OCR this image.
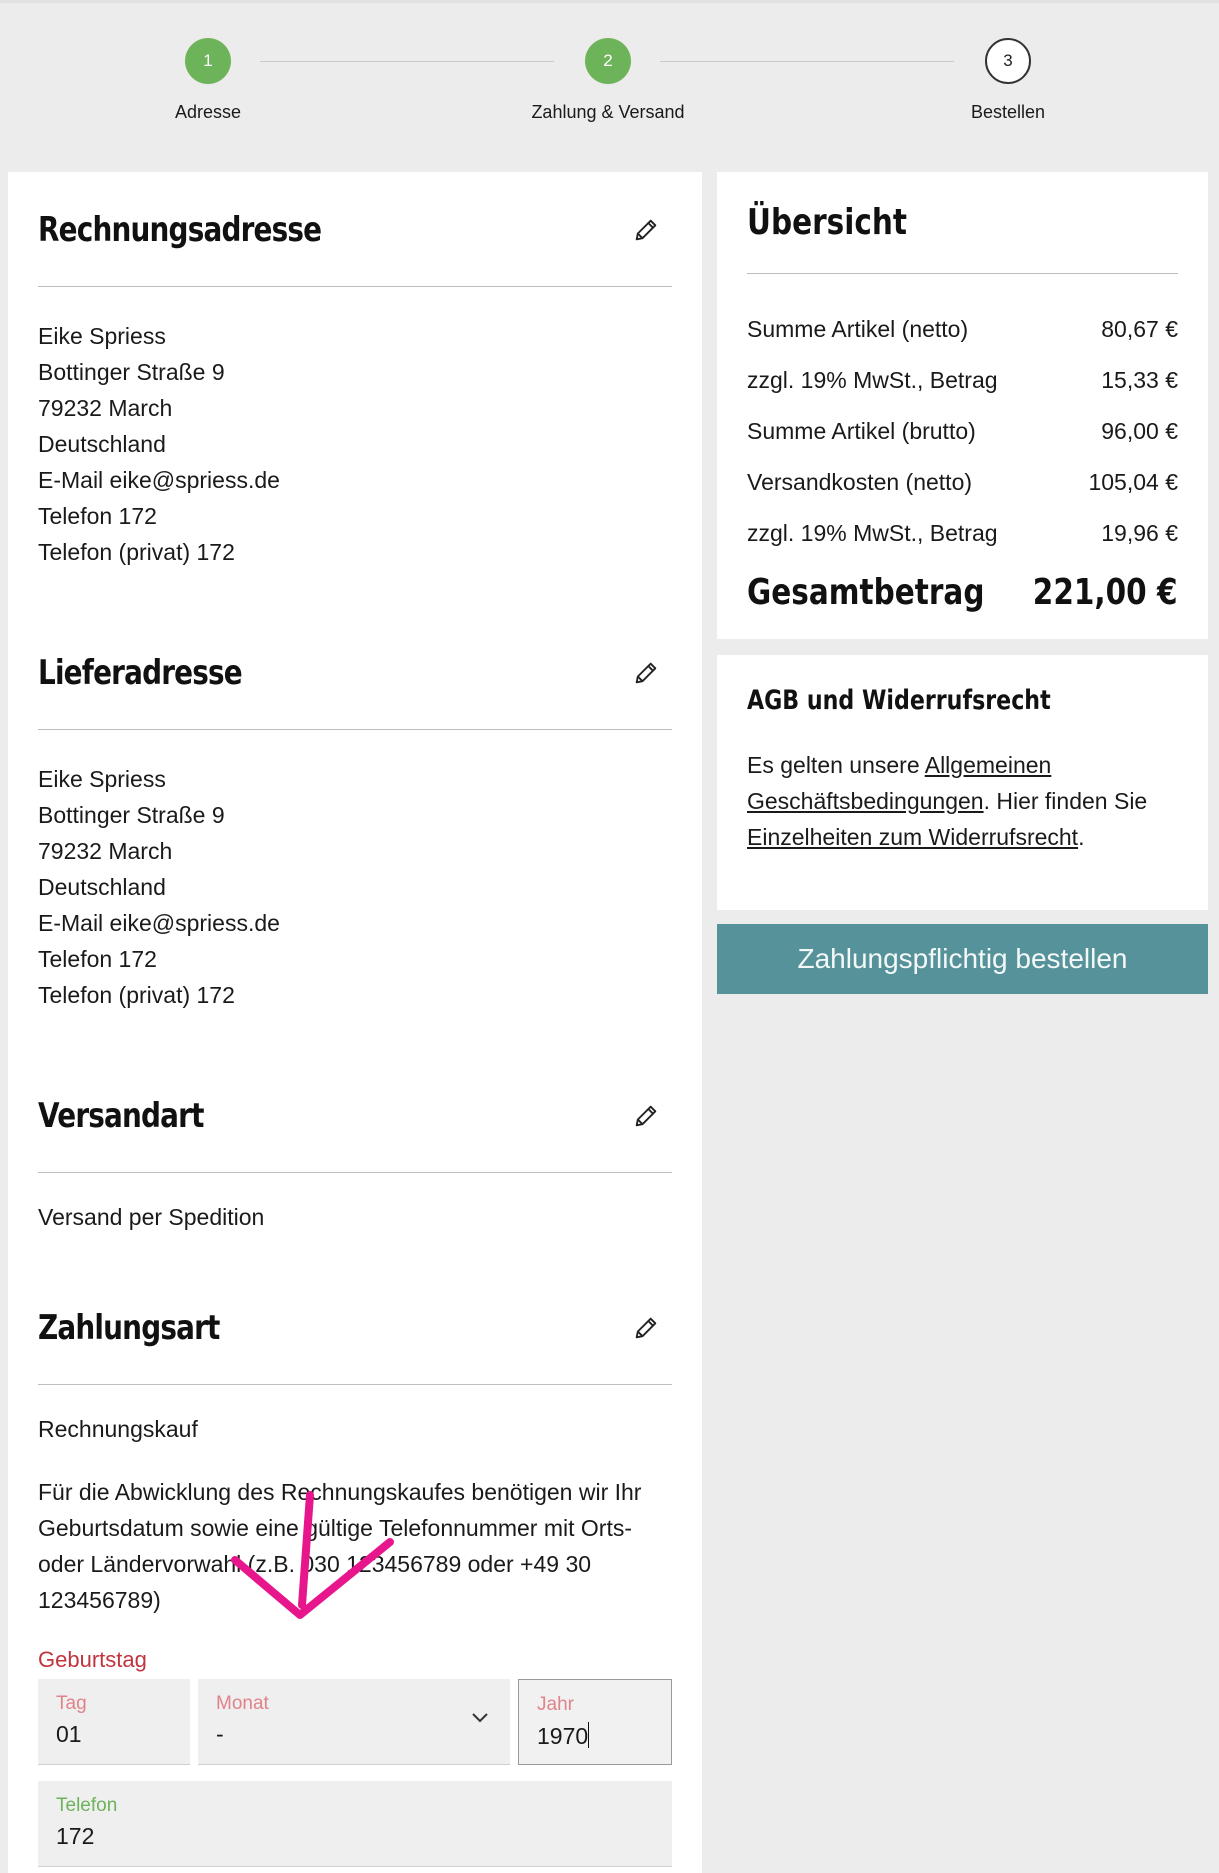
1
Adresse
2
Zahlung & Versand
3
Bestellen
Rechnungsadresse
Eike Spriess
Bottinger Straße 9
79232 March
Deutschland
E-Mail eike@spriess.de
Telefon 172
Telefon (privat) 172
Lieferadresse
Eike Spriess
Bottinger Straße 9
79232 March
Deutschland
E-Mail eike@spriess.de
Telefon 172
Telefon (privat) 172
Versandart
Versand per Spedition
Zahlungsart
Rechnungskauf
Für die Abwicklung des Rechnungskaufes benötigen wir Ihr Geburtsdatum sowie eine gültige Telefonnummer mit Orts- oder Ländervorwahl (z.B. 030 123456789 oder +49 30 123456789)
Geburtstag
Tag
01
Monat
-
Jahr
1970
Telefon
172
Übersicht
Summe Artikel (netto)	80,67 €
zzgl. 19% MwSt., Betrag	15,33 €
Summe Artikel (brutto)	96,00 €
Versandkosten (netto)	105,04 €
zzgl. 19% MwSt., Betrag	19,96 €
Gesamtbetrag 221,00 €
AGB und Widerrufsrecht
Es gelten unsere Allgemeinen Geschäftsbedingungen. Hier finden Sie Einzelheiten zum Widerrufsrecht.
Zahlungspflichtig bestellen
